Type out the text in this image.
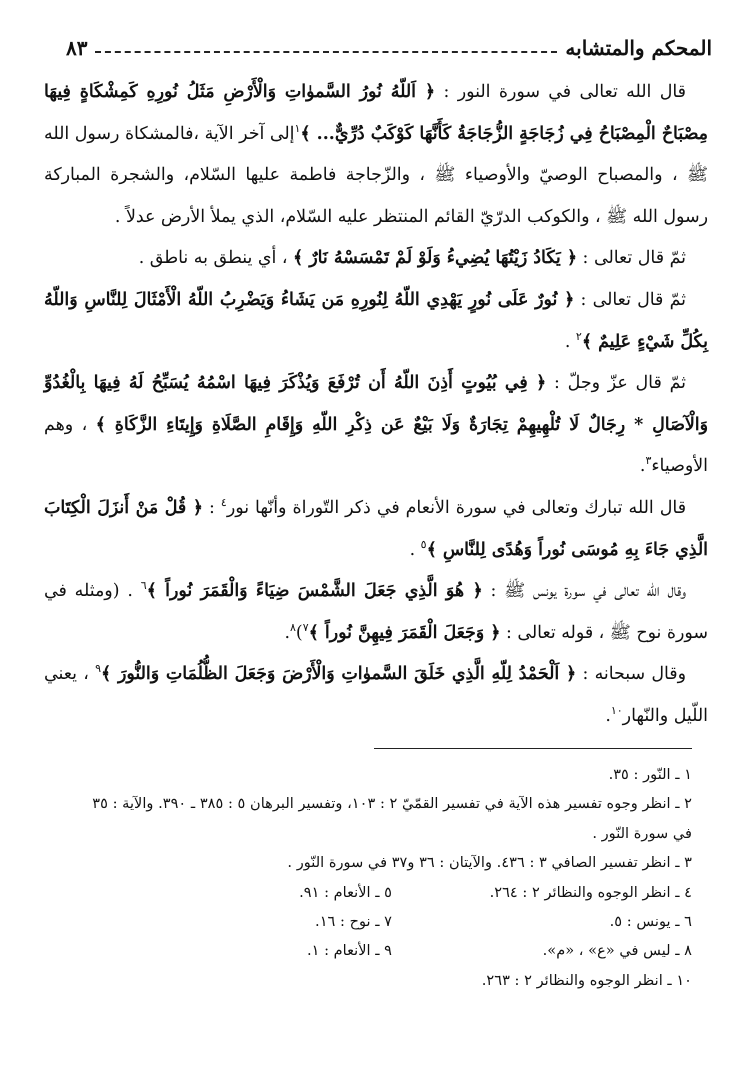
المحكم والمتشابه
٨٣

قال الله تعالى في سورة النور : ﴿ اَللّهُ نُورُ السَّموٰاتِ وَالْأَرْضِ مَثَلُ نُورِهِ كَمِشْكَاةٍ فِيهَا مِصْبَاحٌ الْمِصْبَاحُ فِي زُجَاجَةٍ الزُّجَاجَةُ كَأَنَّهَا كَوْكَبٌ دُرِّيٌّ... ﴾$^١$إلى آخر الآية ،فالمشكاة رسول الله ﷺ ، والمصباح الوصيّ والأوصياء ﷺ ، والزّجاجة فاطمة عليها السّلام، والشجرة المباركة رسول الله ﷺ ، والكوكب الدرّيّ القائم المنتظر عليه السّلام، الذي يملأ الأرض عدلاً .

ثمّ قال تعالى : ﴿ يَكَادُ زَيْتُهَا يُضِيءُ وَلَوْ لَمْ تَمْسَسْهُ نَارٌ ﴾ ، أي ينطق به ناطق .

ثمّ قال تعالى : ﴿ نُورٌ عَلَى نُورٍ يَهْدِي اللّهُ لِنُورِهِ مَن يَشَاءُ وَيَضْرِبُ اللّهُ الْأَمْثَالَ لِلنَّاسِ وَاللّهُ بِكُلِّ شَيْءٍ عَلِيمٌ ﴾$^٢$ .

ثمّ قال عزّ وجلّ : ﴿ فِي بُيُوتٍ أَذِنَ اللّهُ أَن تُرْفَعَ وَيُذْكَرَ فِيهَا اسْمُهُ يُسَبِّحُ لَهُ فِيهَا بِالْغُدُوِّ وَالْآصَالِ * رِجَالٌ لَا تُلْهِيهِمْ تِجَارَةٌ وَلَا بَيْعٌ عَن ذِكْرِ اللّهِ وَإِقَامِ الصَّلَاةِ وَإِيتَاءِ الزَّكَاةِ ﴾ ، وهم الأوصياء$^٣$.

قال الله تبارك وتعالى في سورة الأنعام في ذكر التّوراة وأنّها نور$^٤$ : ﴿ قُلْ مَنْ أَنزَلَ الْكِتَابَ الَّذِي جَاءَ بِهِ مُوسَى نُوراً وَهُدًى لِلنَّاسِ ﴾$^٥$ .

وقال الله تعالى في سورة يونس ﷺ : ﴿ هُوَ الَّذِي جَعَلَ الشَّمْسَ ضِيَاءً وَالْقَمَرَ نُوراً ﴾$^٦$ . (ومثله في سورة نوح ﷺ ، قوله تعالى : ﴿ وَجَعَلَ الْقَمَرَ فِيهِنَّ نُوراً ﴾$^٧$)$^٨$.

وقال سبحانه : ﴿ اَلْحَمْدُ لِلّهِ الَّذِي خَلَقَ السَّموٰاتِ وَالْأَرْضَ وَجَعَلَ الظُّلُمَاتِ وَالنُّورَ ﴾$^٩$ ، يعني اللّيل والنّهار$^{١٠}$.

١ ـ النّور : ٣٥.

٢ ـ انظر وجوه تفسير هذه الآية في تفسير القمّيّ ٢ : ١٠٣، وتفسير البرهان ٥ : ٣٨٥ ـ ٣٩٠. والآية : ٣٥

في سورة النّور .

٣ ـ انظر تفسير الصافي ٣ : ٤٣٦. والآيتان : ٣٦ و٣٧ في سورة النّور .

٤ ـ انظر الوجوه والنظائر ٢ : ٢٦٤.
٥ ـ الأنعام : ٩١.
٦ ـ يونس : ٥.
٧ ـ نوح : ١٦.
٨ ـ ليس في «ع» ، «م».
٩ ـ الأنعام : ١.

١٠ ـ انظر الوجوه والنظائر ٢ : ٢٦٣.
